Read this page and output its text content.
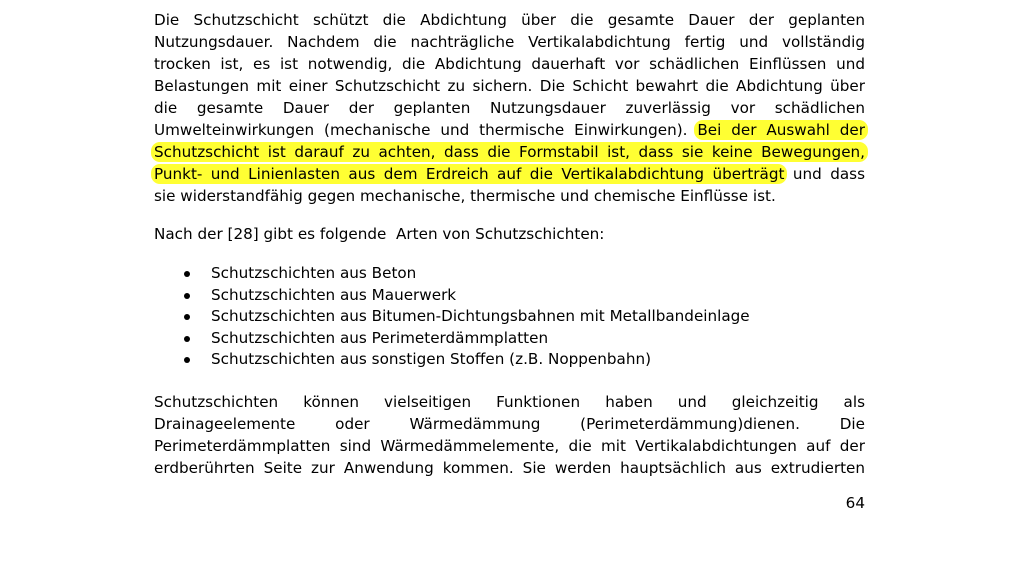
Die Schutzschicht schützt die Abdichtung über die gesamte Dauer der geplanten
Nutzungsdauer. Nachdem die nachträgliche Vertikalabdichtung fertig und vollständig
trocken ist, es ist notwendig, die Abdichtung dauerhaft vor schädlichen Einflüssen und
Belastungen mit einer Schutzschicht zu sichern. Die Schicht bewahrt die Abdichtung über
die gesamte Dauer der geplanten Nutzungsdauer zuverlässig vor schädlichen
Umwelteinwirkungen (mechanische und thermische Einwirkungen). Bei der Auswahl der
Schutzschicht ist darauf zu achten, dass die Formstabil ist, dass sie keine Bewegungen,
Punkt- und Linienlasten aus dem Erdreich auf die Vertikalabdichtung überträgt und dass
sie widerstandfähig gegen mechanische, thermische und chemische Einflüsse ist.
Nach der [28] gibt es folgende  Arten von Schutzschichten:
Schutzschichten aus Beton
Schutzschichten aus Mauerwerk
Schutzschichten aus Bitumen-Dichtungsbahnen mit Metallbandeinlage
Schutzschichten aus Perimeterdämmplatten
Schutzschichten aus sonstigen Stoffen (z.B. Noppenbahn)
Schutzschichten können vielseitigen Funktionen haben und gleichzeitig als
Drainageelemente oder Wärmedämmung (Perimeterdämmung)dienen. Die
Perimeterdämmplatten sind Wärmedämmelemente, die mit Vertikalabdichtungen auf der
erdberührten Seite zur Anwendung kommen. Sie werden hauptsächlich aus extrudierten
64
